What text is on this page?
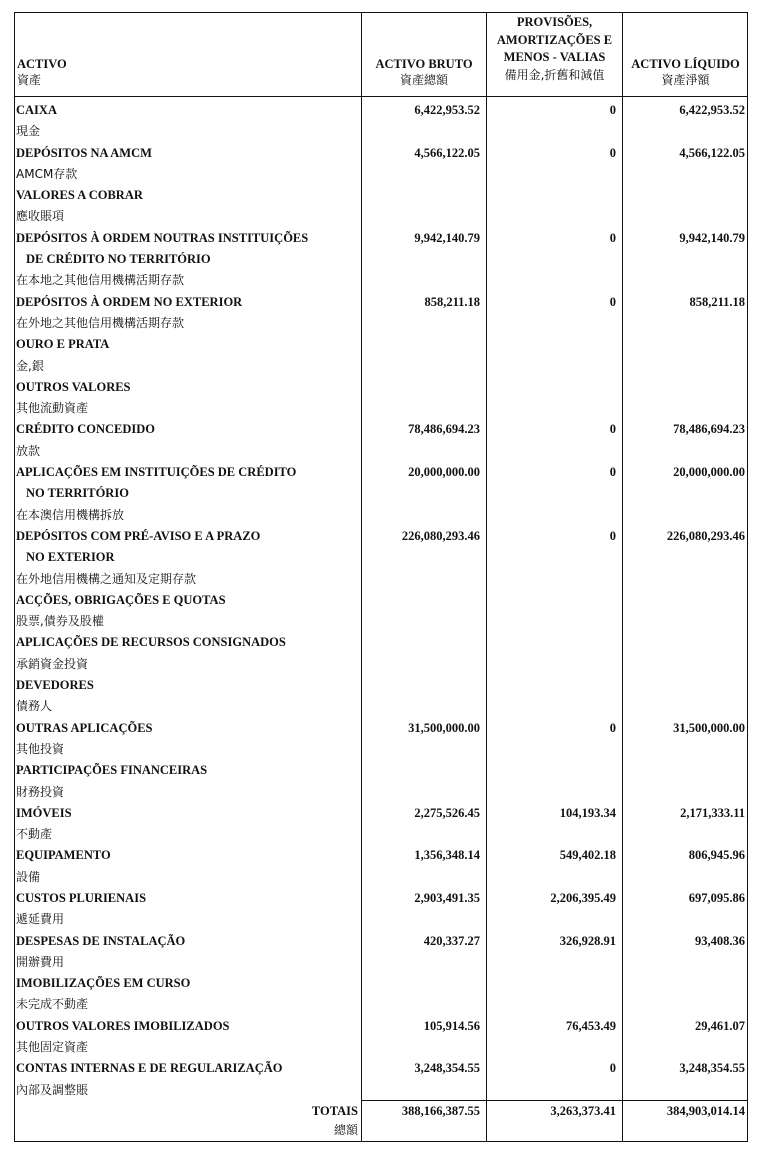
ACTIVO
資產
ACTIVO BRUTO
資產總額
PROVISÕES,
AMORTIZAÇÕES E
MENOS - VALIAS
備用金,折舊和減值
ACTIVO LÍQUIDO
資產淨額
CAIXA
現金
6,422,953.52	0	6,422,953.52
DEPÓSITOS NA AMCM
AMCM存款
4,566,122.05	0	4,566,122.05
VALORES A COBRAR
應收賬項
DEPÓSITOS À ORDEM NOUTRAS INSTITUIÇÕES
DE CRÉDITO NO TERRITÓRIO
在本地之其他信用機構活期存款
9,942,140.79	0	9,942,140.79
DEPÓSITOS À ORDEM NO EXTERIOR
在外地之其他信用機構活期存款
858,211.18	0	858,211.18
OURO E PRATA
金,銀
OUTROS VALORES
其他流動資產
CRÉDITO CONCEDIDO
放款
78,486,694.23	0	78,486,694.23
APLICAÇÕES EM INSTITUIÇÕES DE CRÉDITO
NO TERRITÓRIO
在本澳信用機構拆放
20,000,000.00	0	20,000,000.00
DEPÓSITOS COM PRÉ-AVISO E A PRAZO
NO EXTERIOR
在外地信用機構之通知及定期存款
226,080,293.46	0	226,080,293.46
ACÇÕES, OBRIGAÇÕES E QUOTAS
股票,債券及股權
APLICAÇÕES DE RECURSOS CONSIGNADOS
承銷資金投資
DEVEDORES
債務人
OUTRAS APLICAÇÕES
其他投資
31,500,000.00	0	31,500,000.00
PARTICIPAÇÕES FINANCEIRAS
財務投資
IMÓVEIS
不動產
2,275,526.45	104,193.34	2,171,333.11
EQUIPAMENTO
設備
1,356,348.14	549,402.18	806,945.96
CUSTOS PLURIENAIS
遞延費用
2,903,491.35	2,206,395.49	697,095.86
DESPESAS DE INSTALAÇÃO
開辦費用
420,337.27	326,928.91	93,408.36
IMOBILIZAÇÕES EM CURSO
未完成不動產
OUTROS VALORES IMOBILIZADOS
其他固定資產
105,914.56	76,453.49	29,461.07
CONTAS INTERNAS E DE REGULARIZAÇÃO
內部及調整賬
3,248,354.55	0	3,248,354.55
TOTAIS
總額
388,166,387.55	3,263,373.41	384,903,014.14
